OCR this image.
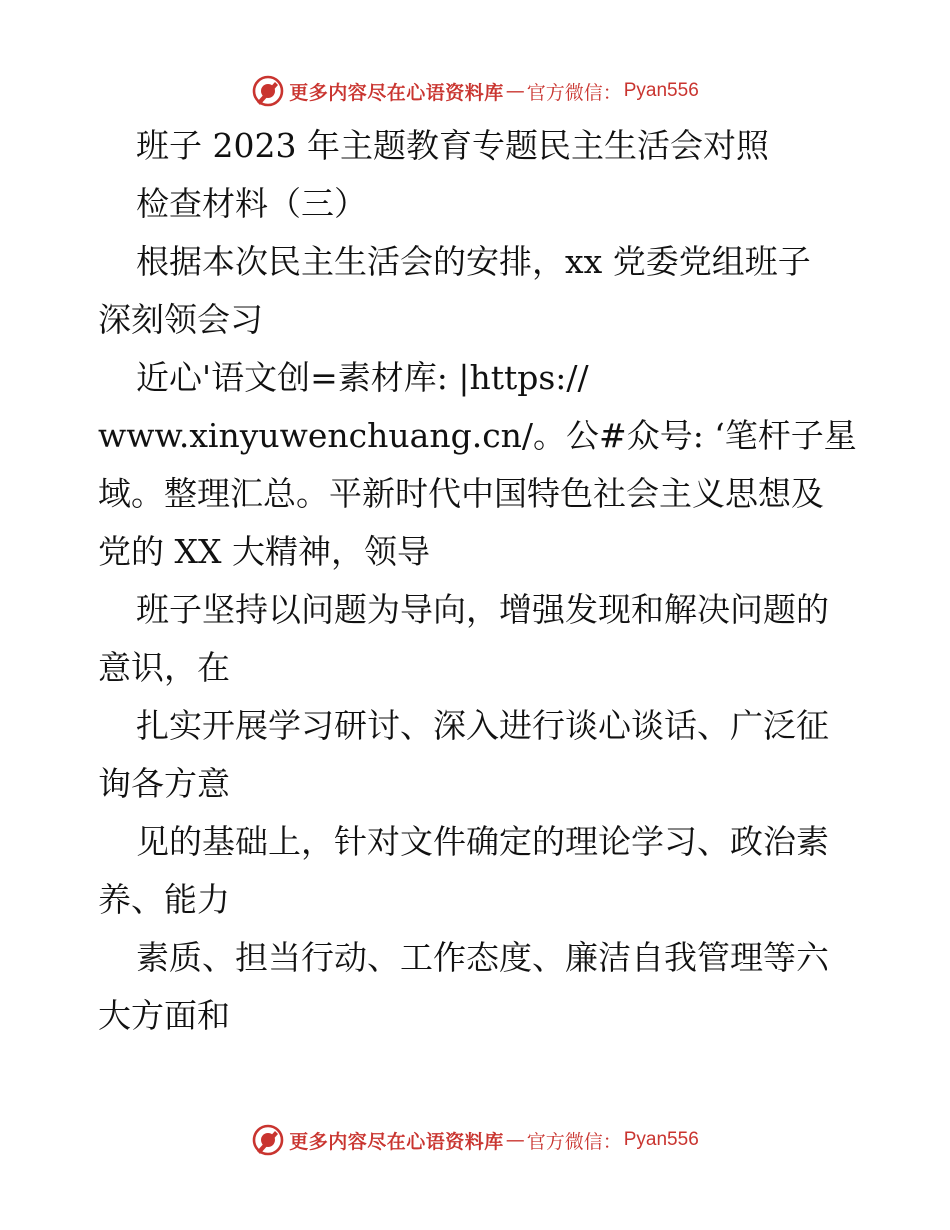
更多内容尽在心语资料库 — 官方微信： Pyan556
班子 2023 年主题教育专题民主生活会对照
检查材料（三）
根据本次民主生活会的安排，xx 党委党组班子
深刻领会习
近心'语文创=素材库: |https://
www.xinyuwenchuang.cn/。公#众号: ‘笔杆子星
域。整理汇总。平新时代中国特色社会主义思想及
党的 XX 大精神，领导
班子坚持以问题为导向，增强发现和解决问题的
意识，在
扎实开展学习研讨、深入进行谈心谈话、广泛征
询各方意
见的基础上，针对文件确定的理论学习、政治素
养、能力
素质、担当行动、工作态度、廉洁自我管理等六
大方面和
更多内容尽在心语资料库 — 官方微信： Pyan556
